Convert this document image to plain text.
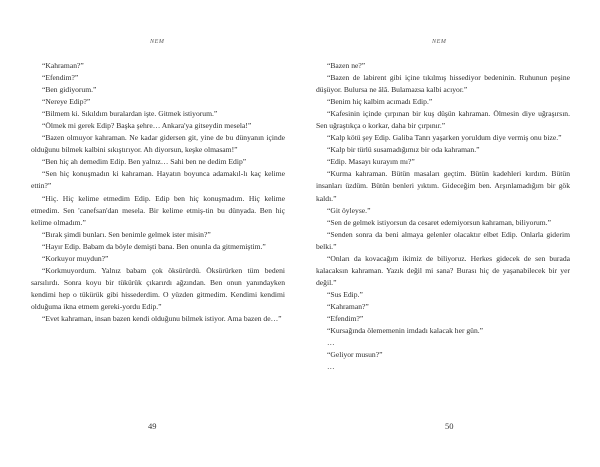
NEM

“Kahraman?”

“Efendim?”

“Ben gidiyorum.”

“Nereye Edip?”

“Bilmem ki. Sıkıldım buralardan işte. Gitmek istiyorum.”

“Ölmek mi gerek Edip? Başka şehre… Ankara'ya gitseydin mesela!”

“Bazen olmuyor kahraman. Ne kadar gidersen git, yine de bu dünyanın içinde olduğunu bilmek kalbini sıkıştırıyor. Ah diyorsun, keşke olmasam!”

“Ben hiç ah demedim Edip. Ben yalnız… Sahi ben ne dedim Edip”

“Sen hiç konuşmadın ki kahraman. Hayatın boyunca adamakıl-lı kaç kelime ettin?”

“Hiç. Hiç kelime etmedim Edip. Edip ben hiç konuşmadım. Hiç kelime etmedim. Sen 'canefsan'dan mesela. Bir kelime etmiş-tin bu dünyada. Ben hiç kelime olmadım.”

“Bırak şimdi bunları. Sen benimle gelmek ister misin?”

“Hayır Edip. Babam da böyle demişti bana. Ben onunla da gitmemiştim.”

“Korkuyor muydun?”

“Korkmuyordum. Yalnız babam çok öksürürdü. Öksürürken tüm bedeni sarsılırdı. Sonra koyu bir tükürük çıkarırdı ağzından. Ben onun yanındayken kendimi hep o tükürük gibi hissederdim. O yüzden gitmedim. Kendimi kendimi olduğuma ikna etmem gereki-yordu Edip.”

“Evet kahraman, insan bazen kendi olduğunu bilmek istiyor. Ama bazen de…”

49
NEM

“Bazen ne?”

“Bazen de labirent gibi içine tıkılmış hissediyor bedeninin. Ruhunun peşine düşüyor. Bulursa ne âlâ. Bulamazsa kalbi acıyor.”

“Benim hiç kalbim acımadı Edip.”

“Kafesinin içinde çırpınan bir kuş düşün kahraman. Ölmesin diye uğraşırsın. Sen uğraştıkça o korkar, daha bir çırpınır.”

“Kalp kötü şey Edip. Galiba Tanrı yaşarken yoruldum diye vermiş onu bize.”

“Kalp bir türlü susamadığımız bir oda kahraman.”

“Edip. Masayı kurayım mı?”

“Kurma kahraman. Bütün masaları geçtim. Bütün kadehleri kırdım. Bütün insanları üzdüm. Bütün benleri yıktım. Gideceğim ben. Arşınlamadığım bir gök kaldı.”

“Git öyleyse.”

“Sen de gelmek istiyorsun da cesaret edemiyorsun kahraman, biliyorum.”

“Senden sonra da beni almaya gelenler olacaktır elbet Edip. Onlarla giderim belki.”

“Onları da kovacağım ikimiz de biliyoruz. Herkes gidecek de sen burada kalacaksın kahraman. Yazık değil mi sana? Burası hiç de yaşanabilecek bir yer değil.”

“Sus Edip.”

“Kahraman?”

“Efendim?”

“Kursağında ölememenin imdadı kalacak her gün.”

…

“Geliyor musun?”

…

50
